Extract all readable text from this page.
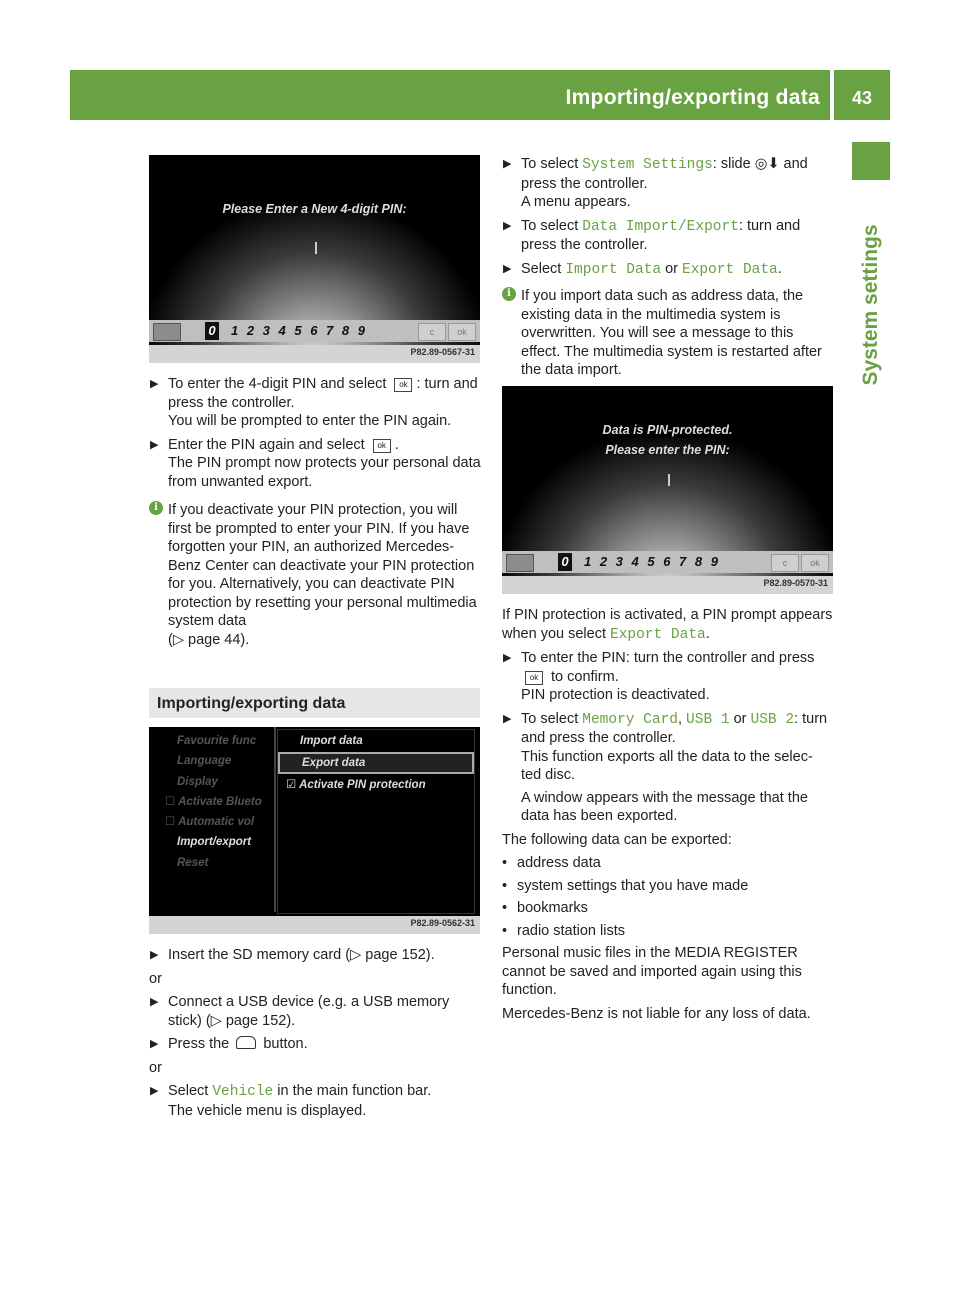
Importing/exporting data	43
System settings
Please Enter a New 4-digit PIN:
1 2 3 4 5 6 7 8 9
0	c	ok
P82.89-0567-31
▶ To enter the 4-digit PIN and select ok : turn and press the controller.
You will be prompted to enter the PIN again.
▶ Enter the PIN again and select ok .
The PIN prompt now protects your personal data from unwanted export.
i If you deactivate your PIN protection, you will first be prompted to enter your PIN. If you have forgotten your PIN, an authorized Mercedes-Benz Center can deactivate your PIN protection for you. Alternatively, you can deactivate PIN protection by resetting your personal multimedia system data
(▷ page 44).
Importing/exporting data
Favourite func
Language
Display
☐ Activate Blueto
☐ Automatic vol
Import/export
Reset
Import data
Export data
☑ Activate PIN protection
P82.89-0562-31
▶ Insert the SD memory card (▷ page 152).
or
▶ Connect a USB device (e.g. a USB memory stick) (▷ page 152).
▶ Press the button.
or
▶ Select Vehicle in the main function bar.
The vehicle menu is displayed.
▶ To select System Settings: slide ◎⬇ and press the controller.
A menu appears.
▶ To select Data Import/Export: turn and press the controller.
▶ Select Import Data or Export Data.
i If you import data such as address data, the existing data in the multimedia system is overwritten. You will see a message to this effect. The multimedia system is restarted after the data import.
Data is PIN-protected.
Please enter the PIN:
1 2 3 4 5 6 7 8 9
0	c	ok
P82.89-0570-31
If PIN protection is activated, a PIN prompt appears when you select Export Data.
▶ To enter the PIN: turn the controller and press
ok to confirm.
PIN protection is deactivated.
▶ To select Memory Card, USB 1 or USB 2: turn and press the controller.
This function exports all the data to the selec- ted disc.

A window appears with the message that the data has been exported.
The following data can be exported:
• address data
• system settings that you have made
• bookmarks
• radio station lists
Personal music files in the MEDIA REGISTER cannot be saved and imported again using this function.
Mercedes-Benz is not liable for any loss of data.
